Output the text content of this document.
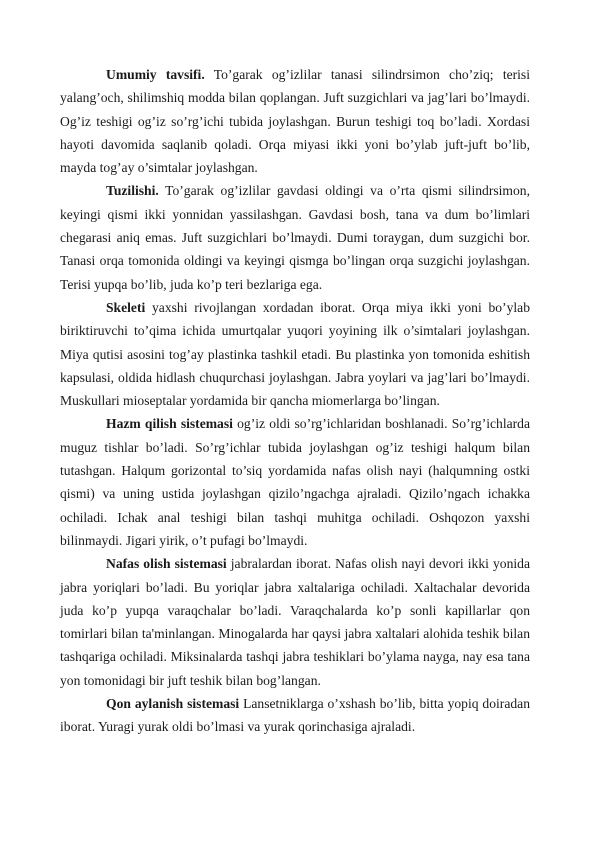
Umumiy tavsifi. To’garak og’izlilar tanasi silindrsimon cho’ziq; terisi yalang’och, shilimshiq modda bilan qoplangan. Juft suzgichlari va jag’lari bo’lmaydi. Og’iz teshigi og’iz so’rg’ichi tubida joylashgan. Burun teshigi toq bo’ladi. Xordasi hayoti davomida saqlanib qoladi. Orqa miyasi ikki yoni bo’ylab juft-juft bo’lib, mayda tog’ay o’simtalar joylashgan.

Tuzilishi. To’garak og’izlilar gavdasi oldingi va o’rta qismi silindrsimon, keyingi qismi ikki yonnidan yassilashgan. Gavdasi bosh, tana va dum bo’limlari chegarasi aniq emas. Juft suzgichlari bo’lmaydi. Dumi toraygan, dum suzgichi bor. Tanasi orqa tomonida oldingi va keyingi qismga bo’lingan orqa suzgichi joylashgan. Terisi yupqa bo’lib, juda ko’p teri bezlariga ega.

Skeleti yaxshi rivojlangan xordadan iborat. Orqa miya ikki yoni bo’ylab biriktiruvchi to’qima ichida umurtqalar yuqori yoyining ilk o’simtalari joylashgan. Miya qutisi asosini tog’ay plastinka tashkil etadi. Bu plastinka yon tomonida eshitish kapsulasi, oldida hidlash chuqurchasi joylashgan. Jabra yoylari va jag’lari bo’lmaydi. Muskullari mioseptalar yordamida bir qancha miomerlarga bo’lingan.

Hazm qilish sistemasi og’iz oldi so’rg’ichlaridan boshlanadi. So’rg’ichlarda muguz tishlar bo’ladi. So’rg’ichlar tubida joylashgan og’iz teshigi halqum bilan tutashgan. Halqum gorizontal to’siq yordamida nafas olish nayi (halqumning ostki qismi) va uning ustida joylashgan qizilo’ngachga ajraladi. Qizilo’ngach ichakka ochiladi. Ichak anal teshigi bilan tashqi muhitga ochiladi. Oshqozon yaxshi bilinmaydi. Jigari yirik, o’t pufagi bo’lmaydi.

Nafas olish sistemasi jabralardan iborat. Nafas olish nayi devori ikki yonida jabra yoriqlari bo’ladi. Bu yoriqlar jabra xaltalariga ochiladi. Xaltachalar devorida juda ko’p yupqa varaqchalar bo’ladi. Varaqchalarda ko’p sonli kapillarlar qon tomirlari bilan ta'minlangan. Minogalarda har qaysi jabra xaltalari alohida teshik bilan tashqariga ochiladi. Miksinalarda tashqi jabra teshiklari bo’ylama nayga, nay esa tana yon tomonidagi bir juft teshik bilan bog’langan.

Qon aylanish sistemasi Lansetniklarga o’xshash bo’lib, bitta yopiq doiradan iborat. Yuragi yurak oldi bo’lmasi va yurak qorinchasiga ajraladi.
